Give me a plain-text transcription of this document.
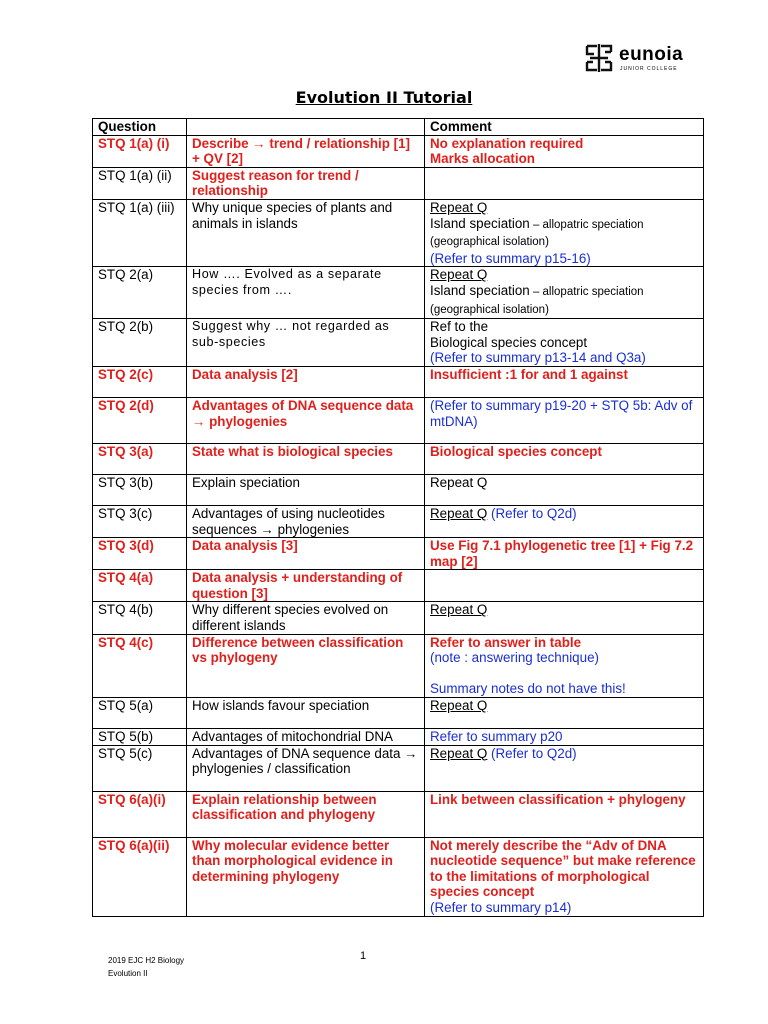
eunoia
JUNIOR COLLEGE
Evolution II Tutorial
Question		Comment
STQ 1(a) (i)	Describe → trend / relationship [1] + QV [2]	No explanation required
Marks allocation
STQ 1(a) (ii)	Suggest reason for trend / relationship	
STQ 1(a) (iii)	Why unique species of plants and animals in islands	Repeat Q
Island speciation – allopatric speciation (geographical isolation)
(Refer to summary p15-16)
STQ 2(a)	How …. Evolved as a separate species from ….	Repeat Q
Island speciation – allopatric speciation (geographical isolation)
STQ 2(b)	Suggest why … not regarded as sub-species	Ref to the
Biological species concept
(Refer to summary p13-14 and Q3a)
STQ 2(c)	Data analysis [2]	Insufficient :1 for and 1 against
STQ 2(d)	Advantages of DNA sequence data → phylogenies	(Refer to summary p19-20 + STQ 5b: Adv of mtDNA)
STQ 3(a)	State what is biological species	Biological species concept
STQ 3(b)	Explain speciation	Repeat Q
STQ 3(c)	Advantages of using nucleotides sequences → phylogenies	Repeat Q (Refer to Q2d)
STQ 3(d)	Data analysis [3]	Use Fig 7.1 phylogenetic tree [1] + Fig 7.2 map [2]
STQ 4(a)	Data analysis + understanding of question [3]	
STQ 4(b)	Why different species evolved on different islands	Repeat Q
STQ 4(c)	Difference between classification vs phylogeny	Refer to answer in table
(note : answering technique)

Summary notes do not have this!
STQ 5(a)	How islands favour speciation	Repeat Q
STQ 5(b)	Advantages of mitochondrial DNA	Refer to summary p20
STQ 5(c)	Advantages of DNA sequence data → phylogenies / classification	Repeat Q (Refer to Q2d)
STQ 6(a)(i)	Explain relationship between classification and phylogeny	Link between classification + phylogeny
STQ 6(a)(ii)	Why molecular evidence better than morphological evidence in determining phylogeny	Not merely describe the “Adv of DNA nucleotide sequence” but make reference to the limitations of morphological species concept
(Refer to summary p14)
2019 EJC H2 Biology
Evolution II
1
